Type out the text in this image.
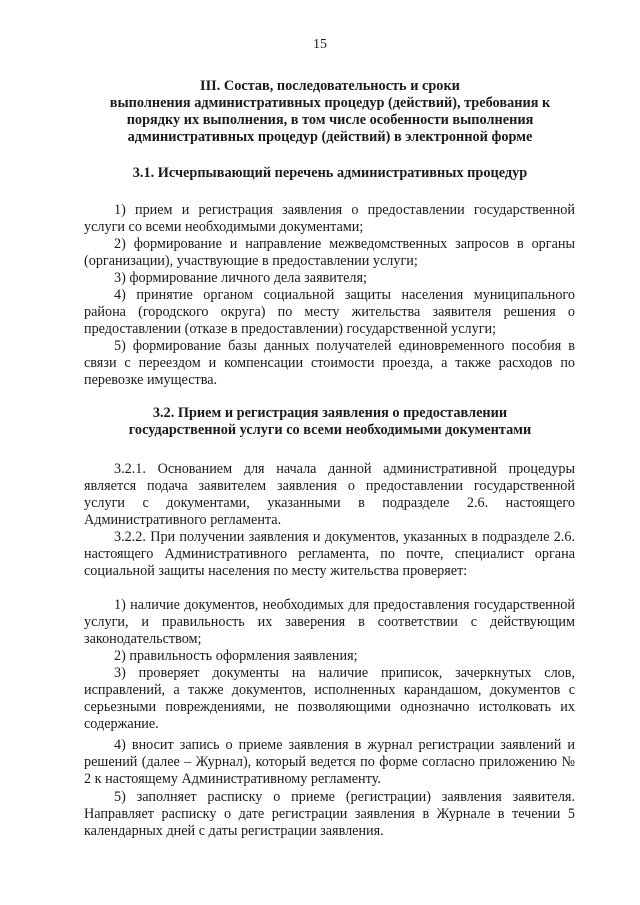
15
III. Состав, последовательность и сроки
выполнения административных процедур (действий), требования к
порядку их выполнения, в том числе особенности выполнения
административных процедур (действий) в электронной форме
3.1. Исчерпывающий перечень административных процедур
1) прием и регистрация заявления о предоставлении государственной услуги со всеми необходимыми документами;
2) формирование и направление межведомственных запросов в органы (организации), участвующие в предоставлении услуги;
3) формирование личного дела заявителя;
4) принятие органом социальной защиты населения муниципального района (городского округа) по месту жительства заявителя решения о предоставлении (отказе в предоставлении) государственной услуги;
5) формирование базы данных получателей единовременного пособия в связи с переездом и компенсации стоимости проезда, а также расходов по перевозке имущества.
3.2. Прием и регистрация заявления о предоставлении
государственной услуги со всеми необходимыми документами
3.2.1. Основанием для начала данной административной процедуры является подача заявителем заявления о предоставлении государственной услуги с документами, указанными в подразделе 2.6. настоящего Административного регламента.
3.2.2. При получении заявления и документов, указанных в подразделе 2.6. настоящего Административного регламента, по почте, специалист органа социальной защиты населения по месту жительства проверяет:
1) наличие документов, необходимых для предоставления государственной услуги, и правильность их заверения в соответствии с действующим законодательством;
2) правильность оформления заявления;
3) проверяет документы на наличие приписок, зачеркнутых слов, исправлений, а также документов, исполненных карандашом, документов с серьезными повреждениями, не позволяющими однозначно истолковать их содержание.
4) вносит запись о приеме заявления в журнал регистрации заявлений и решений (далее – Журнал), который ведется по форме согласно приложению № 2 к настоящему Административному регламенту.
5) заполняет расписку о приеме (регистрации) заявления заявителя. Направляет расписку о дате регистрации заявления в Журнале в течении 5 календарных дней с даты регистрации заявления.
